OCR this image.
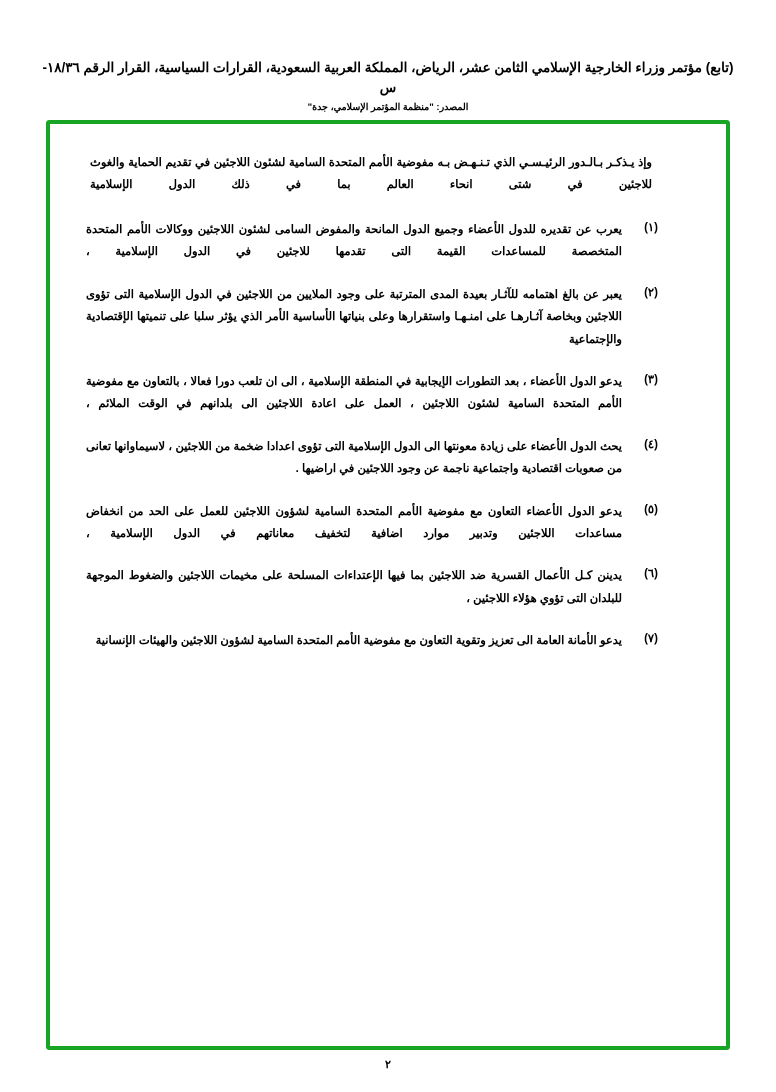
(تابع) مؤتمر وزراء الخارجية الإسلامي الثامن عشر، الرياض، المملكة العربية السعودية، القرارات السياسية، القرار الرقم ١٨/٣٦-س
المصدر: "منظمة المؤتمر الإسلامي، جدة"
وإذ يـذكـر بـالـدور الرئيـسـي الذي تـنـهـض بـه مفوضية الأمم المتحدة السامية لشئون اللاجئين في تقديم الحماية والغوث للاجئين في شتى انحاء العالم بما في ذلك الدول الإسلامية
(١)
يعرب عن تقديره للدول الأعضاء وجميع الدول المانحة والمفوض السامى لشئون اللاجئين ووكالات الأمم المتحدة المتخصصة للمساعدات القيمة التى تقدمها للاجئين في الدول الإسلامية ،
(٢)
يعبر عن بالغ اهتمامه للآثـار بعيدة المدى المترتبة على وجود الملايين من اللاجئين في الدول الإسلامية التى تؤوى اللاجئين وبخاصة آثـارهـا على امنـهـا واستقرارها وعلى بنياتها الأساسية الأمر الذي يؤثر سلبا على تنميتها الإقتصادية والإجتماعية
(٣)
يدعو الدول الأعضاء ، بعد التطورات الإيجابية في المنطقة الإسلامية ، الى ان تلعب دورا فعالا ، بالتعاون مع مفوضية الأمم المتحدة السامية لشئون اللاجئين ، العمل على اعادة اللاجئين الى بلدانهم في الوقت الملائم ،
(٤)
يحث الدول الأعضاء على زيادة معونتها الى الدول الإسلامية التى تؤوى اعدادا ضخمة من اللاجئين ، لاسيماوانها تعانى من صعوبات اقتصادية واجتماعية ناجمة عن وجود اللاجئين في اراضيها .
(٥)
يدعو الدول الأعضاء التعاون مع مفوضية الأمم المتحدة السامية لشؤون اللاجئين للعمل على الحد من انخفاض مساعدات اللاجئين وتدبير موارد اضافية لتخفيف معاناتهم في الدول الإسلامية ،
(٦)
يدينن كـل الأعمال القسرية ضد اللاجئين بما فيها الإعتداءات المسلحة على مخيمات اللاجئين والضغوط الموجهة للبلدان التى تؤوي هؤلاء اللاجئين ،
(٧)
يدعو الأمانة العامة الى تعزيز وتقوية التعاون مع مفوضية الأمم المتحدة السامية لشؤون اللاجئين والهيئات الإنسانية
٢
